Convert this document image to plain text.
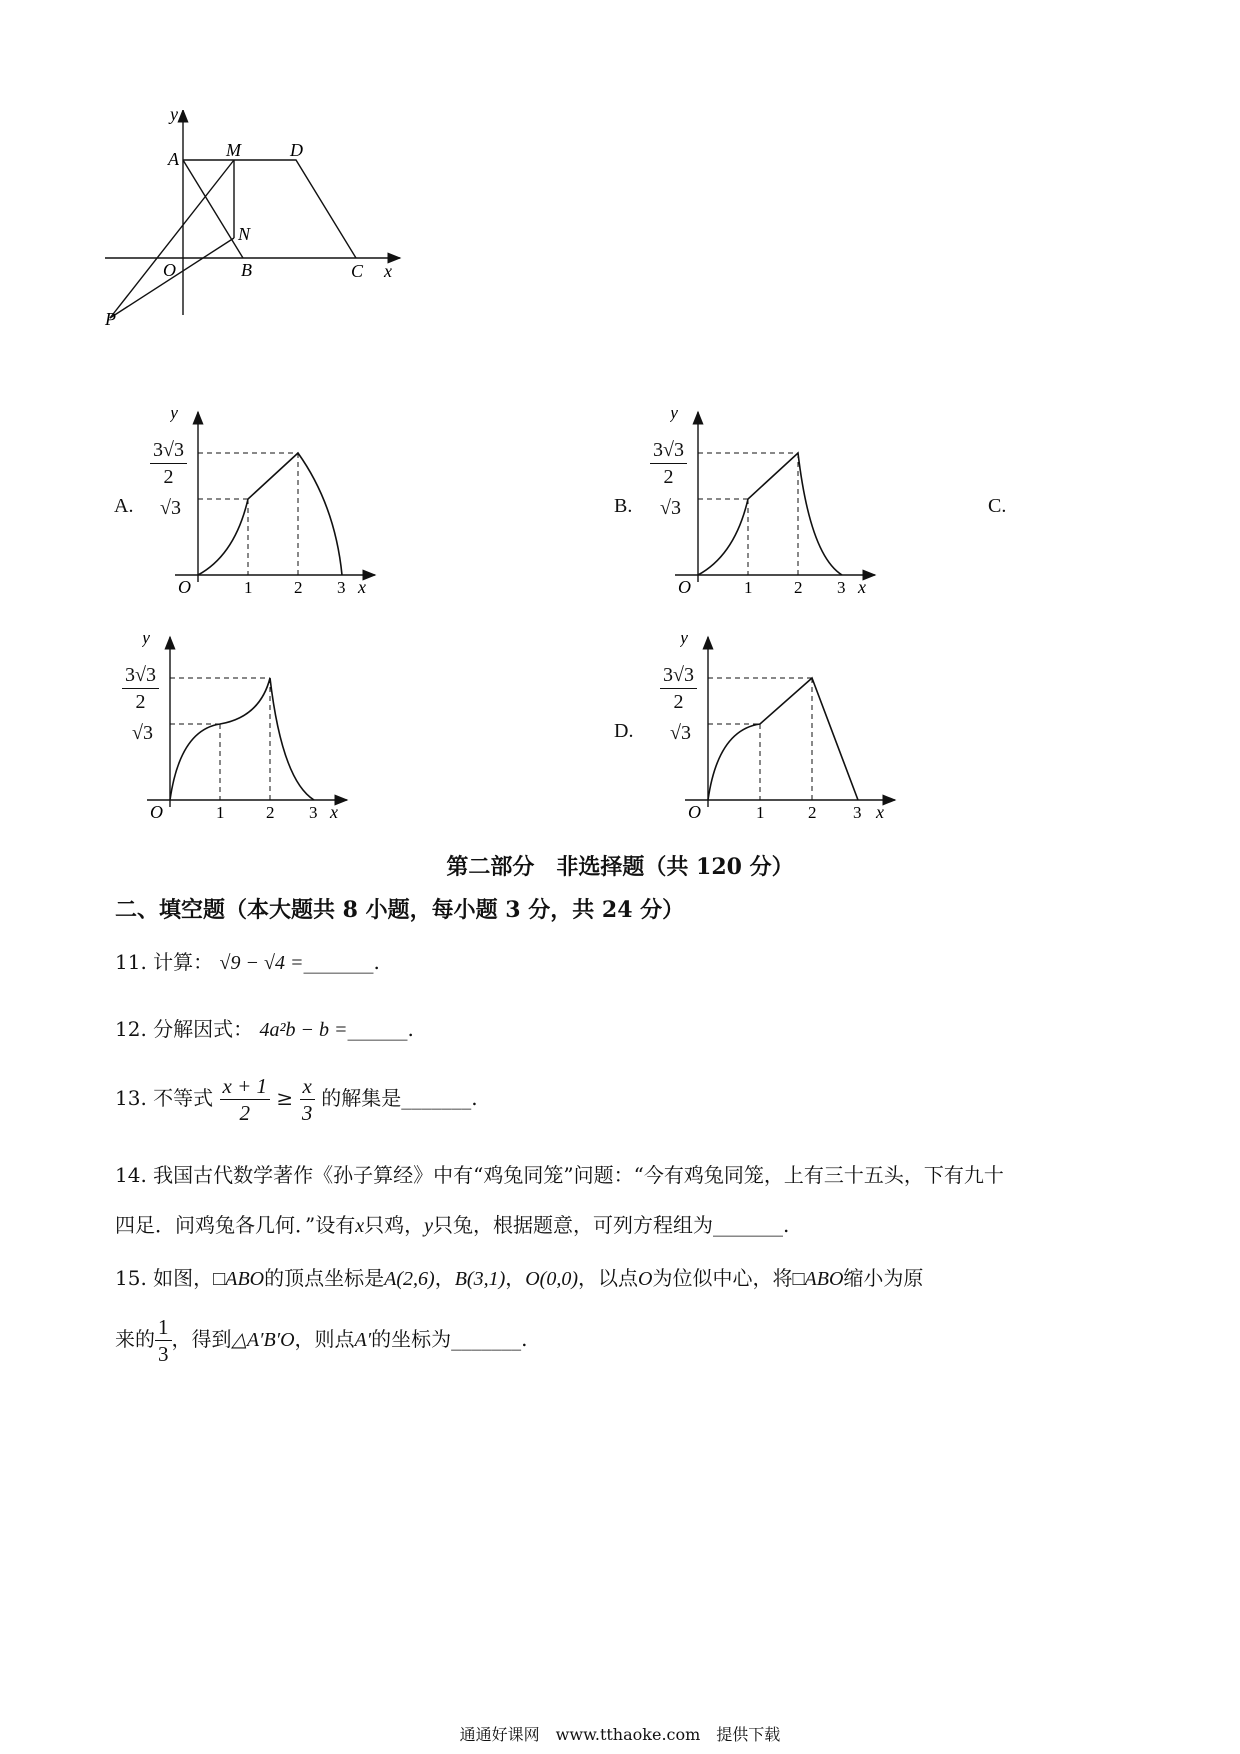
y
A	M	D
N
O	B	C x
P
A.
$\frac{3√3}{2}$
√3
y
O	1 2 3 x
B.
$\frac{3√3}{2}$
√3
y
O	1 2 3 x
C.
$\frac{3√3}{2}$
√3
y
O	1 2 3 x
D.
$\frac{3√3}{2}$
√3
y
O	1	2 3 x
第二部分　非选择题（共 120 分）
二、填空题（本大题共 8 小题，每小题 3 分，共 24 分）
11. 计算： √9 − √4 =_______.
12. 分解因式： 4a²b − b =______.
13. 不等式 $\frac{x + 1}{2} \ge \frac{x}{3}$ 的解集是_______.
14. 我国古代数学著作《孙子算经》中有“鸡兔同笼”问题：“今有鸡兔同笼，上有三十五头，下有九十
四足．问鸡兔各几何．”设有x只鸡，y只兔，根据题意，可列方程组为_______.
15. 如图，□ABO的顶点坐标是A(2,6)，B(3,1)，O(0,0)，以点O为位似中心，将□ABO缩小为原
来的 $\frac{1}{3}$ ，得到△A′B′O，则点A′的坐标为_______.
通通好课网　www.tthaoke.com　提供下载
